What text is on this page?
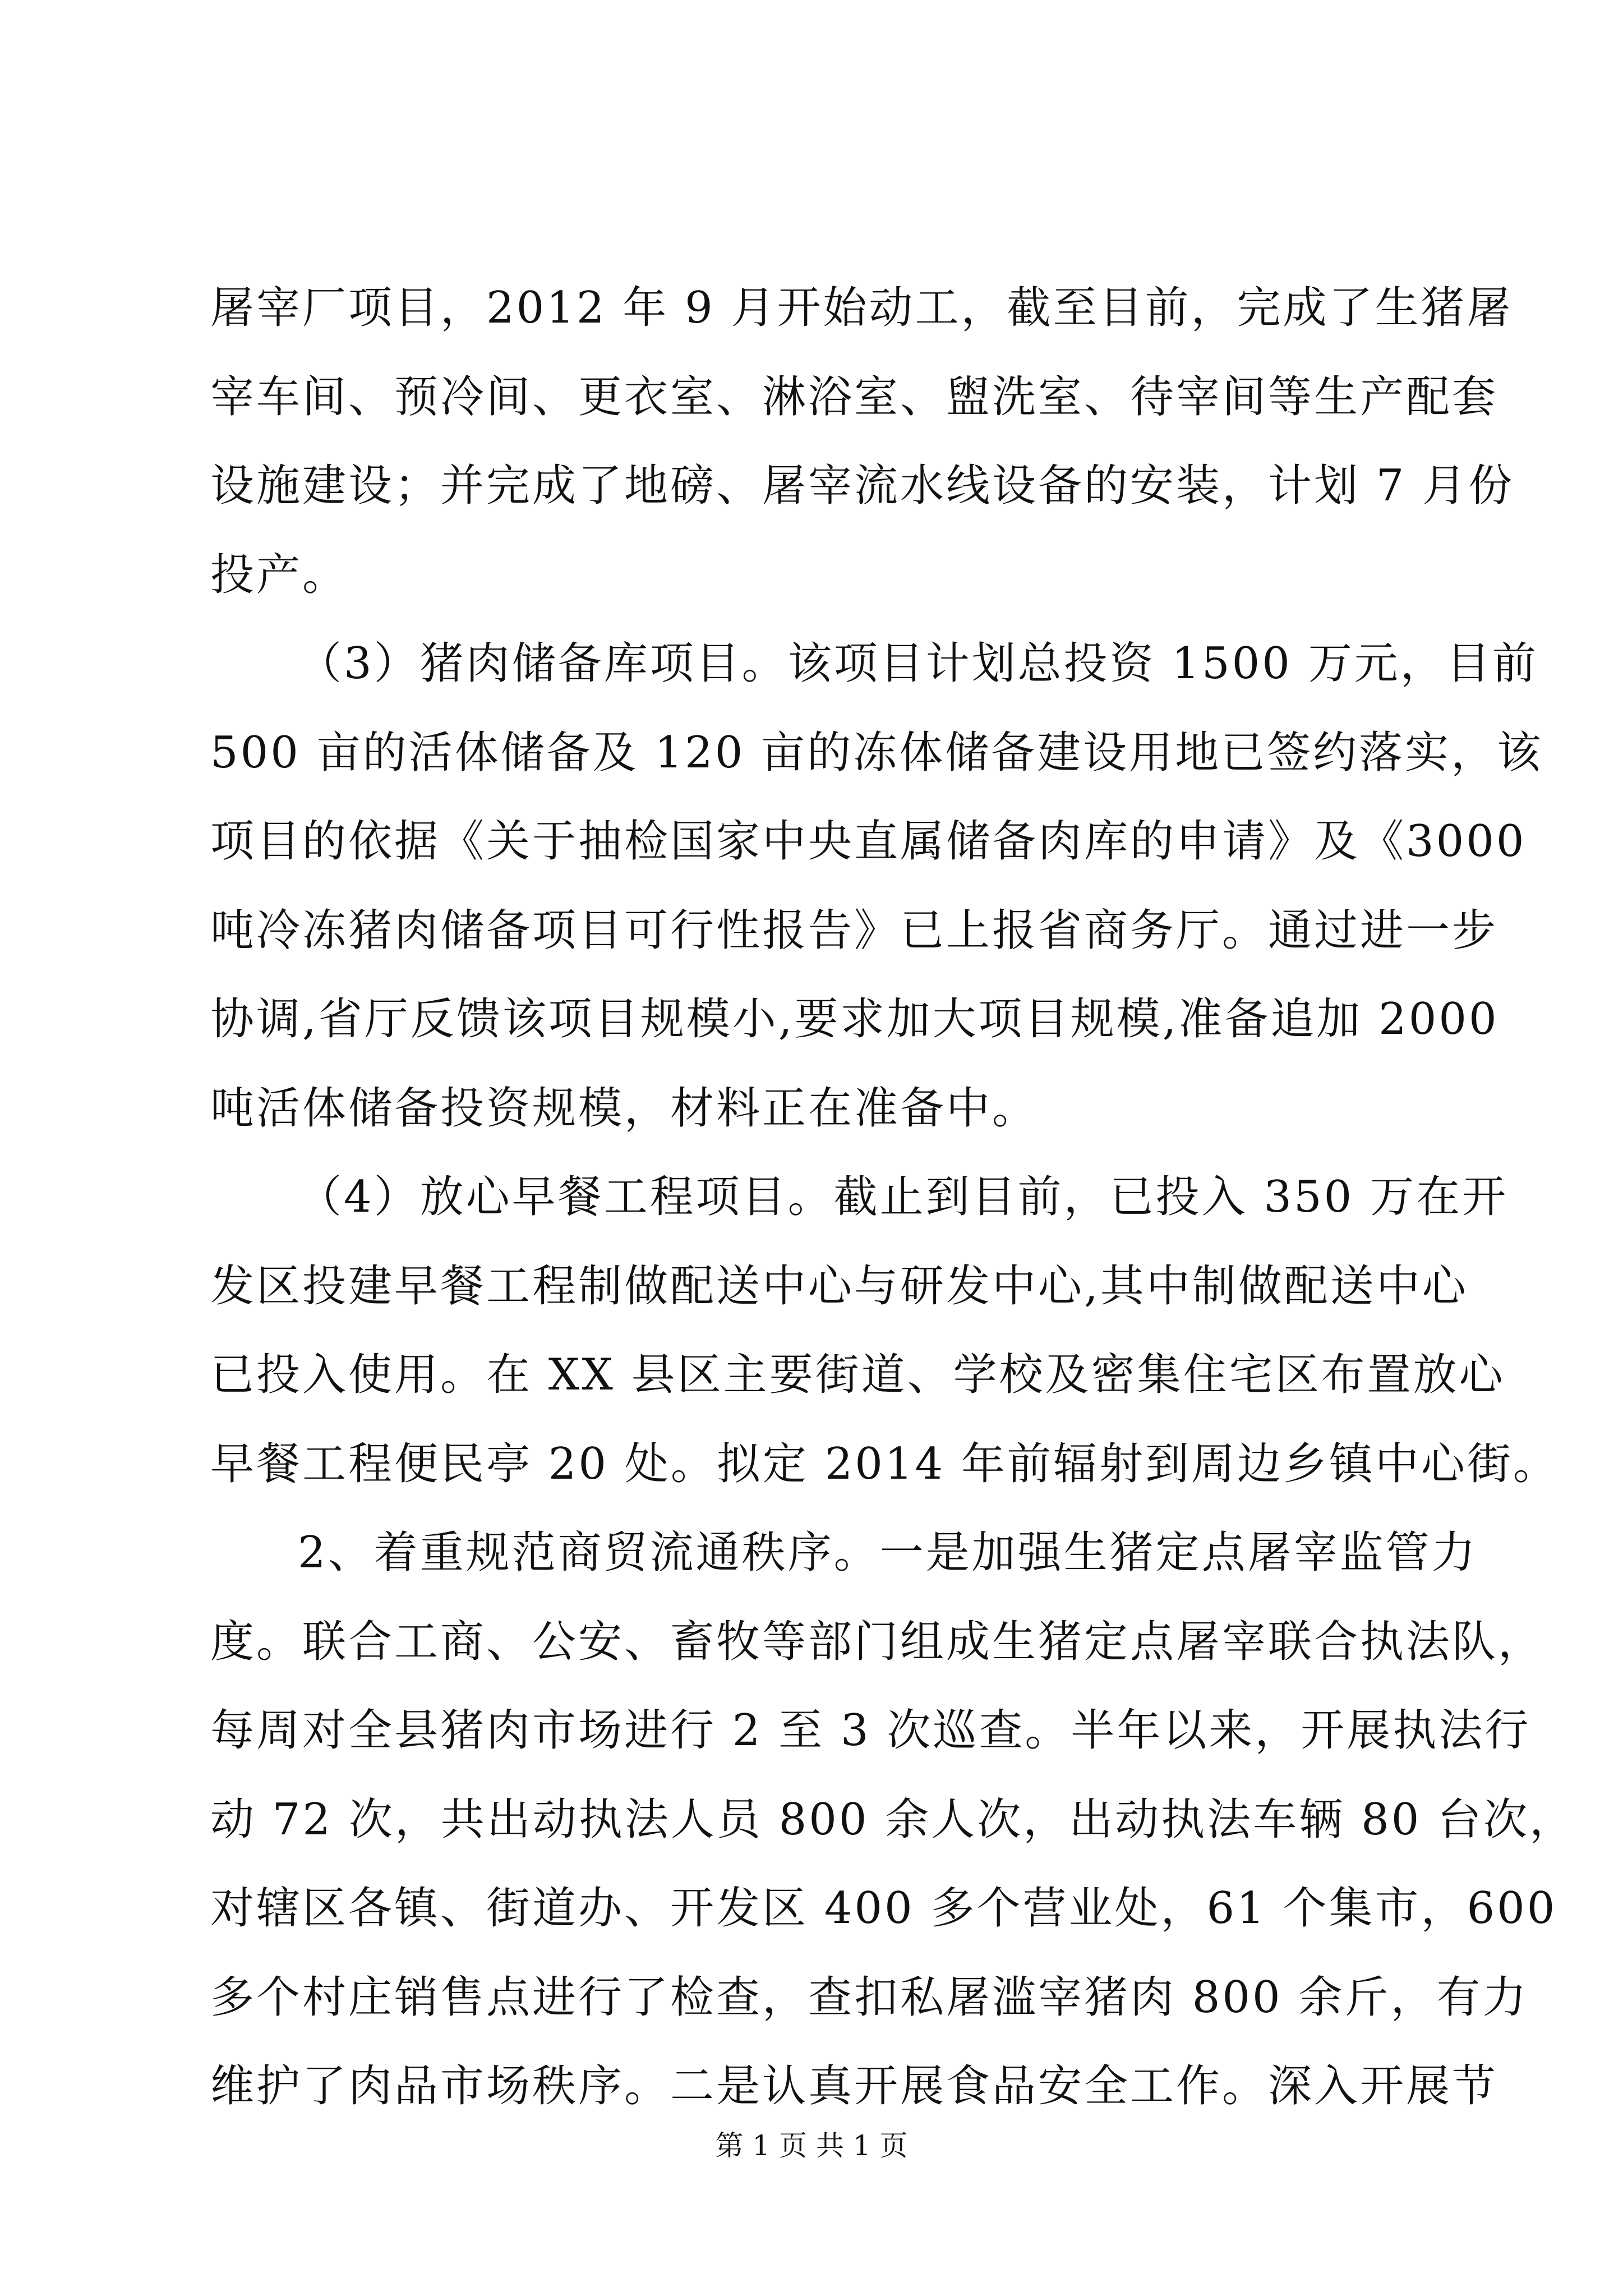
屠宰厂项目，2012 年 9 月开始动工，截至目前，完成了生猪屠
宰车间、预冷间、更衣室、淋浴室、盥洗室、待宰间等生产配套
设施建设；并完成了地磅、屠宰流水线设备的安装，计划 7 月份
投产。
（3）猪肉储备库项目。该项目计划总投资 1500 万元，目前
500 亩的活体储备及 120 亩的冻体储备建设用地已签约落实，该
项目的依据《关于抽检国家中央直属储备肉库的申请》及《3000
吨冷冻猪肉储备项目可行性报告》已上报省商务厅。通过进一步
协调,省厅反馈该项目规模小,要求加大项目规模,准备追加 2000
吨活体储备投资规模，材料正在准备中。
（4）放心早餐工程项目。截止到目前，已投入 350 万在开
发区投建早餐工程制做配送中心与研发中心,其中制做配送中心
已投入使用。在 XX 县区主要街道、学校及密集住宅区布置放心
早餐工程便民亭 20 处。拟定 2014 年前辐射到周边乡镇中心街。
2、着重规范商贸流通秩序。一是加强生猪定点屠宰监管力
度。联合工商、公安、畜牧等部门组成生猪定点屠宰联合执法队，
每周对全县猪肉市场进行 2 至 3 次巡查。半年以来，开展执法行
动 72 次，共出动执法人员 800 余人次，出动执法车辆 80 台次，
对辖区各镇、街道办、开发区 400 多个营业处，61 个集市，600
多个村庄销售点进行了检查，查扣私屠滥宰猪肉 800 余斤，有力
维护了肉品市场秩序。二是认真开展食品安全工作。深入开展节
第 1 页 共 1 页
